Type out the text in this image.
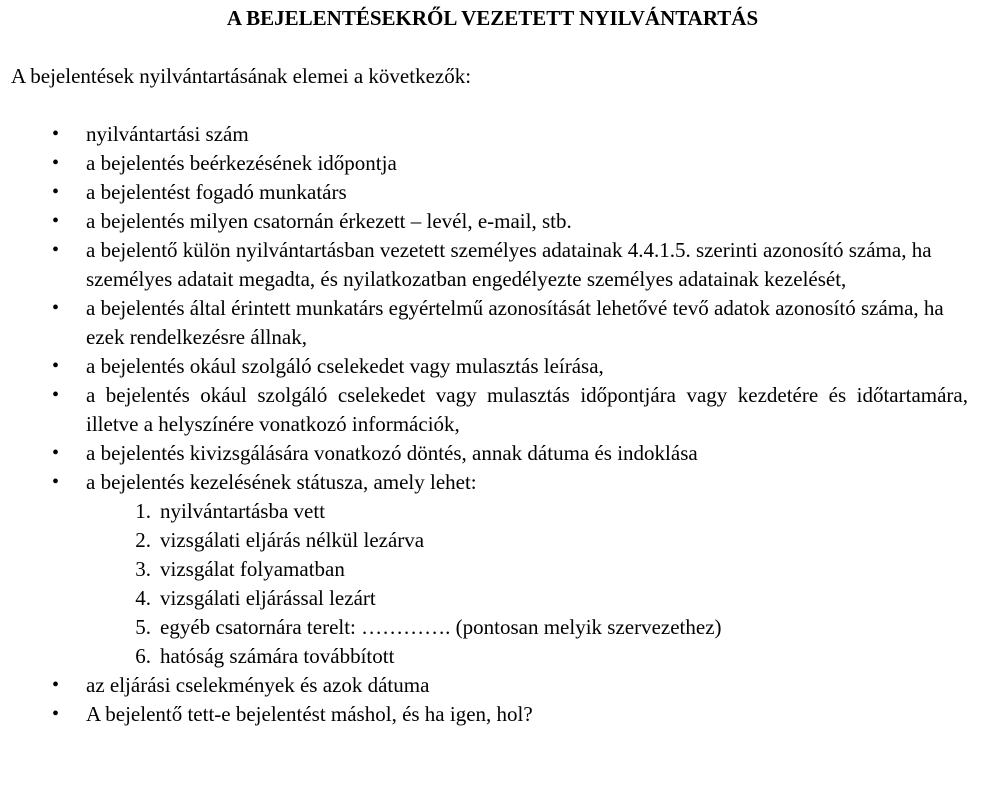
A BEJELENTÉSEKRŐL VEZETETT NYILVÁNTARTÁS

A bejelentések nyilvántartásának elemei a következők:

• nyilvántartási szám
• a bejelentés beérkezésének időpontja
• a bejelentést fogadó munkatárs
• a bejelentés milyen csatornán érkezett – levél, e-mail, stb.
• a bejelentő külön nyilvántartásban vezetett személyes adatainak 4.4.1.5. szerinti azonosító száma, ha személyes adatait megadta, és nyilatkozatban engedélyezte személyes adatainak kezelését,
• a bejelentés által érintett munkatárs egyértelmű azonosítását lehetővé tevő adatok azonosító száma, ha ezek rendelkezésre állnak,
• a bejelentés okául szolgáló cselekedet vagy mulasztás leírása,
• a bejelentés okául szolgáló cselekedet vagy mulasztás időpontjára vagy kezdetére és időtartamára, illetve a helyszínére vonatkozó információk,
• a bejelentés kivizsgálására vonatkozó döntés, annak dátuma és indoklása
• a bejelentés kezelésének státusza, amely lehet:
1. nyilvántartásba vett
2. vizsgálati eljárás nélkül lezárva
3. vizsgálat folyamatban
4. vizsgálati eljárással lezárt
5. egyéb csatornára terelt: …………. (pontosan melyik szervezethez)
6. hatóság számára továbbított
• az eljárási cselekmények és azok dátuma
• A bejelentő tett-e bejelentést máshol, és ha igen, hol?
